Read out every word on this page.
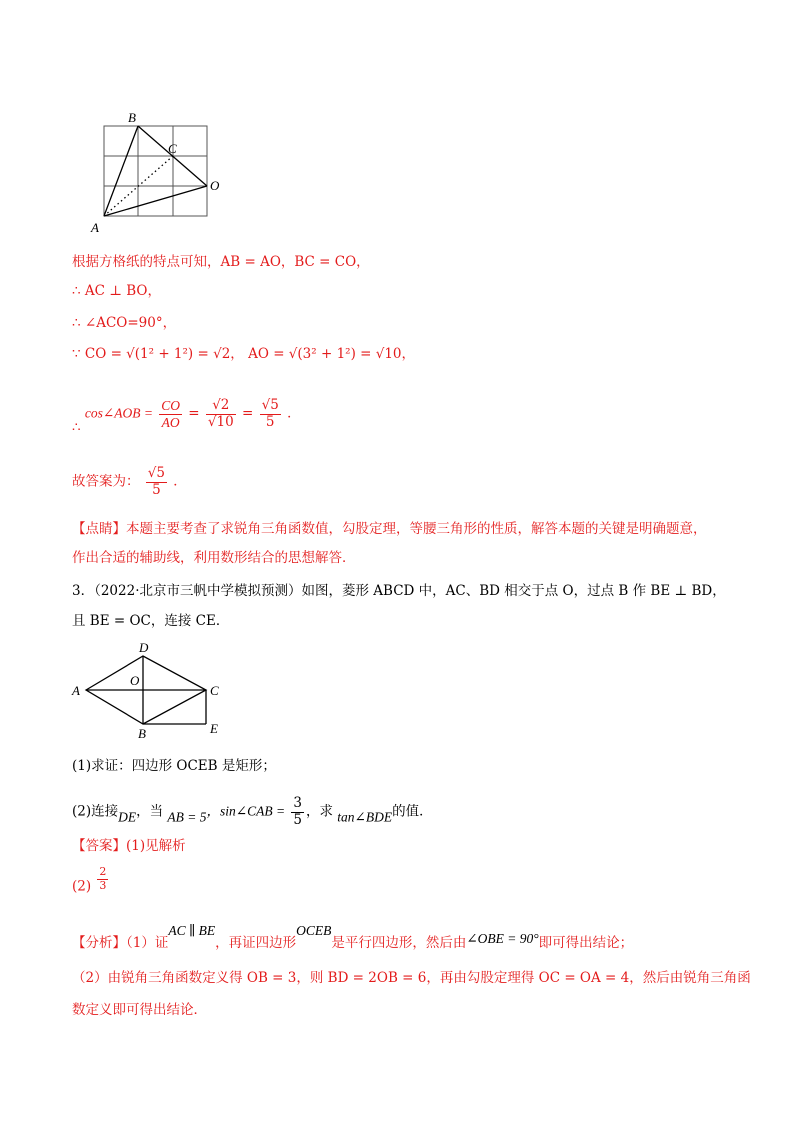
B
C
O
A
根据方格纸的特点可知，AB = AO，BC = CO，
∴ AC ⊥ BO，
∴ ∠ACO=90°，
∵ CO = √(1² + 1²) = √2， AO = √(3² + 1²) = √10，
∴ cos∠AOB = $\frac{CO}{AO} = \frac{√2}{√10} = \frac{√5}{5}$ ．
故答案为： $\frac{√5}{5}$ ．
【点睛】本题主要考查了求锐角三角函数值，勾股定理，等腰三角形的性质，解答本题的关键是明确题意，
作出合适的辅助线，利用数形结合的思想解答．
3．（2022·北京市三帆中学模拟预测）如图，菱形 ABCD 中，AC、BD 相交于点 O，过点 B 作 BE ⊥ BD，
且 BE = OC，连接 CE．
D
O
A	C
E
B
(1)求证：四边形 OCEB 是矩形；
(2)连接DE，当 AB = 5，sin∠CAB = $\frac{3}{5}$ ，求 tan∠BDE的值．
【答案】(1)见解析
$(2) \frac{2}{3}$
【分析】（1）证AC ∥ BE，再证四边形OCEB是平行四边形，然后由∠OBE = 90°即可得出结论；
（2）由锐角三角函数定义得 OB = 3，则 BD = 2OB = 6，再由勾股定理得 OC = OA = 4，然后由锐角三角函
数定义即可得出结论．
